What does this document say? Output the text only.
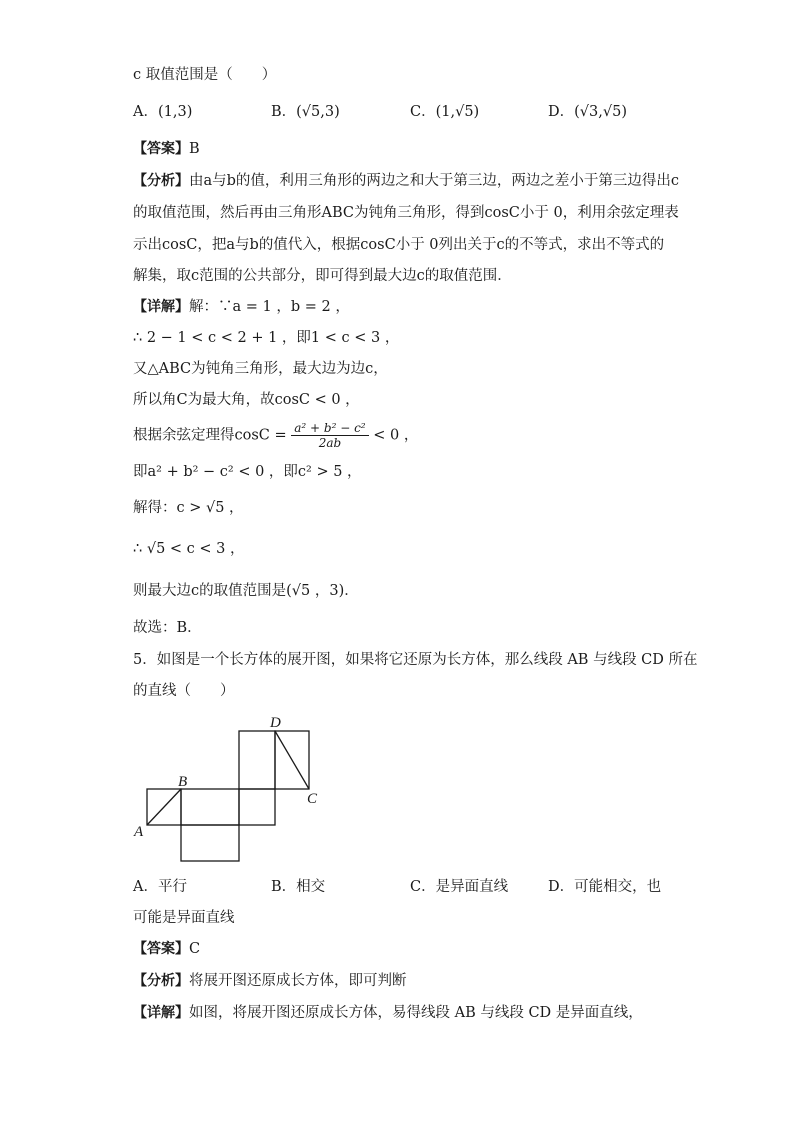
c 取值范围是（　　）
A．(1,3)	B．(√5,3)	C．(1,√5)	D．(√3,√5)
【答案】B
【分析】由a与b的值，利用三角形的两边之和大于第三边，两边之差小于第三边得出c
的取值范围，然后再由三角形ABC为钝角三角形，得到cosC小于 0，利用余弦定理表
示出cosC，把a与b的值代入，根据cosC小于 0列出关于c的不等式，求出不等式的
解集，取c范围的公共部分，即可得到最大边c的取值范围．
【详解】解：∵a = 1 ，b = 2 ，
∴ 2 − 1 < c < 2 + 1 ，即1 < c < 3 ，
又△ABC为钝角三角形，最大边为边c，
所以角C为最大角，故cosC < 0 ，
根据余弦定理得$\cos C = \frac{\text{a² + b² − c²}}{2ab} < 0$ ，
即a² + b² − c² < 0 ，即c² > 5 ，
解得：c > √5 ，
∴ √5 < c < 3 ，
则最大边c的取值范围是(√5 ，3)．
故选：B．
5．如图是一个长方体的展开图，如果将它还原为长方体，那么线段 AB 与线段 CD 所在
的直线（　　）
D
B
C
A
A．平行	B．相交	C．是异面直线	D．可能相交，也
可能是异面直线
【答案】C
【分析】将展开图还原成长方体，即可判断
【详解】如图，将展开图还原成长方体，易得线段 AB 与线段 CD 是异面直线，
